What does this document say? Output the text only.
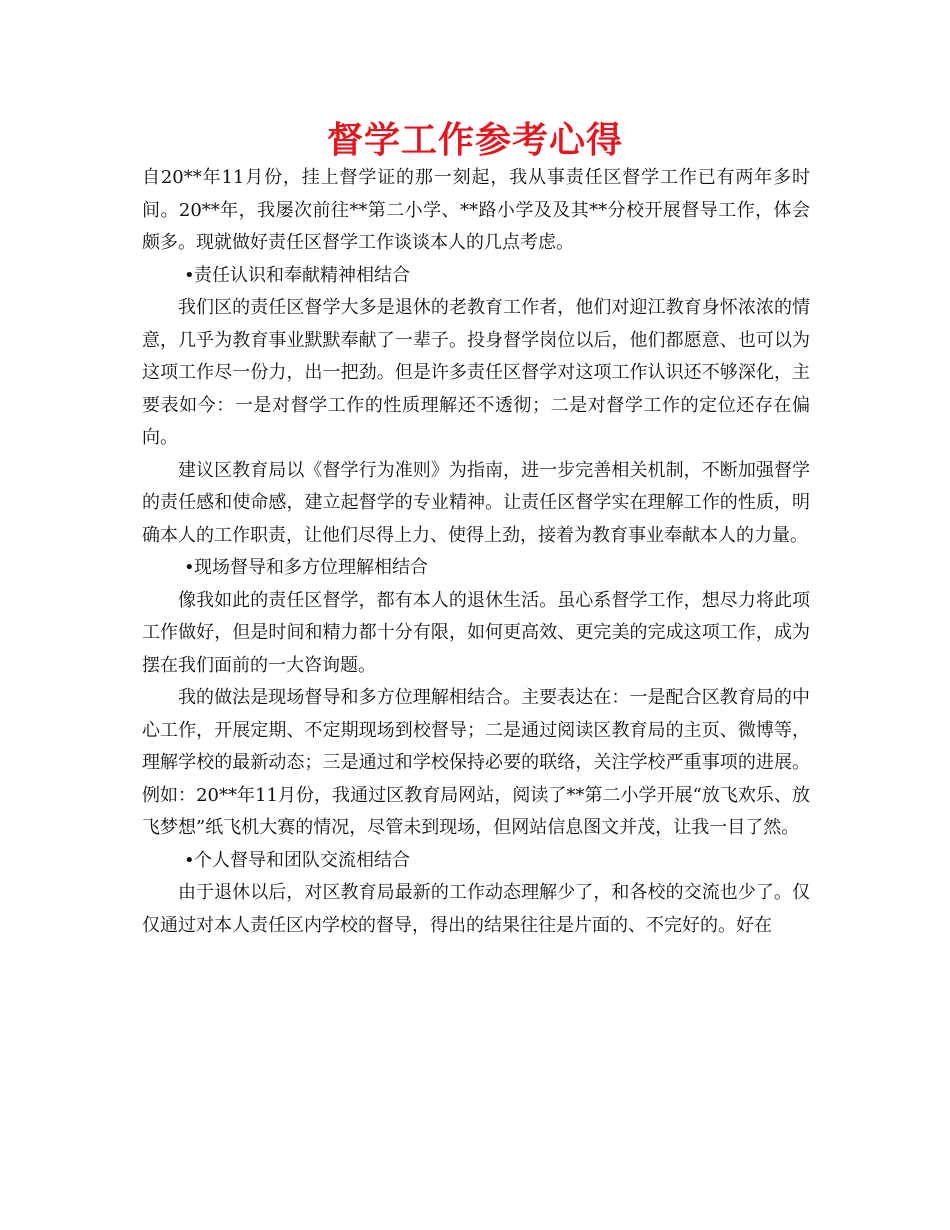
督学工作参考心得

自20**年11月份，挂上督学证的那一刻起，我从事责任区督学工作已有两年多时间。20**年，我屡次前往**第二小学、**路小学及及其**分校开展督导工作，体会颇多。现就做好责任区督学工作谈谈本人的几点考虑。

•责任认识和奉献精神相结合

我们区的责任区督学大多是退休的老教育工作者，他们对迎江教育身怀浓浓的情意，几乎为教育事业默默奉献了一辈子。投身督学岗位以后，他们都愿意、也可以为这项工作尽一份力，出一把劲。但是许多责任区督学对这项工作认识还不够深化，主要表如今：一是对督学工作的性质理解还不透彻；二是对督学工作的定位还存在偏向。

建议区教育局以《督学行为准则》为指南，进一步完善相关机制，不断加强督学的责任感和使命感，建立起督学的专业精神。让责任区督学实在理解工作的性质，明确本人的工作职责，让他们尽得上力、使得上劲，接着为教育事业奉献本人的力量。

•现场督导和多方位理解相结合

像我如此的责任区督学，都有本人的退休生活。虽心系督学工作，想尽力将此项工作做好，但是时间和精力都十分有限，如何更高效、更完美的完成这项工作，成为摆在我们面前的一大咨询题。

我的做法是现场督导和多方位理解相结合。主要表达在：一是配合区教育局的中心工作，开展定期、不定期现场到校督导；二是通过阅读区教育局的主页、微博等，理解学校的最新动态；三是通过和学校保持必要的联络，关注学校严重事项的进展。例如：20**年11月份，我通过区教育局网站，阅读了**第二小学开展“放飞欢乐、放飞梦想”纸飞机大赛的情况，尽管未到现场，但网站信息图文并茂，让我一目了然。

•个人督导和团队交流相结合

由于退休以后，对区教育局最新的工作动态理解少了，和各校的交流也少了。仅仅通过对本人责任区内学校的督导，得出的结果往往是片面的、不完好的。好在
